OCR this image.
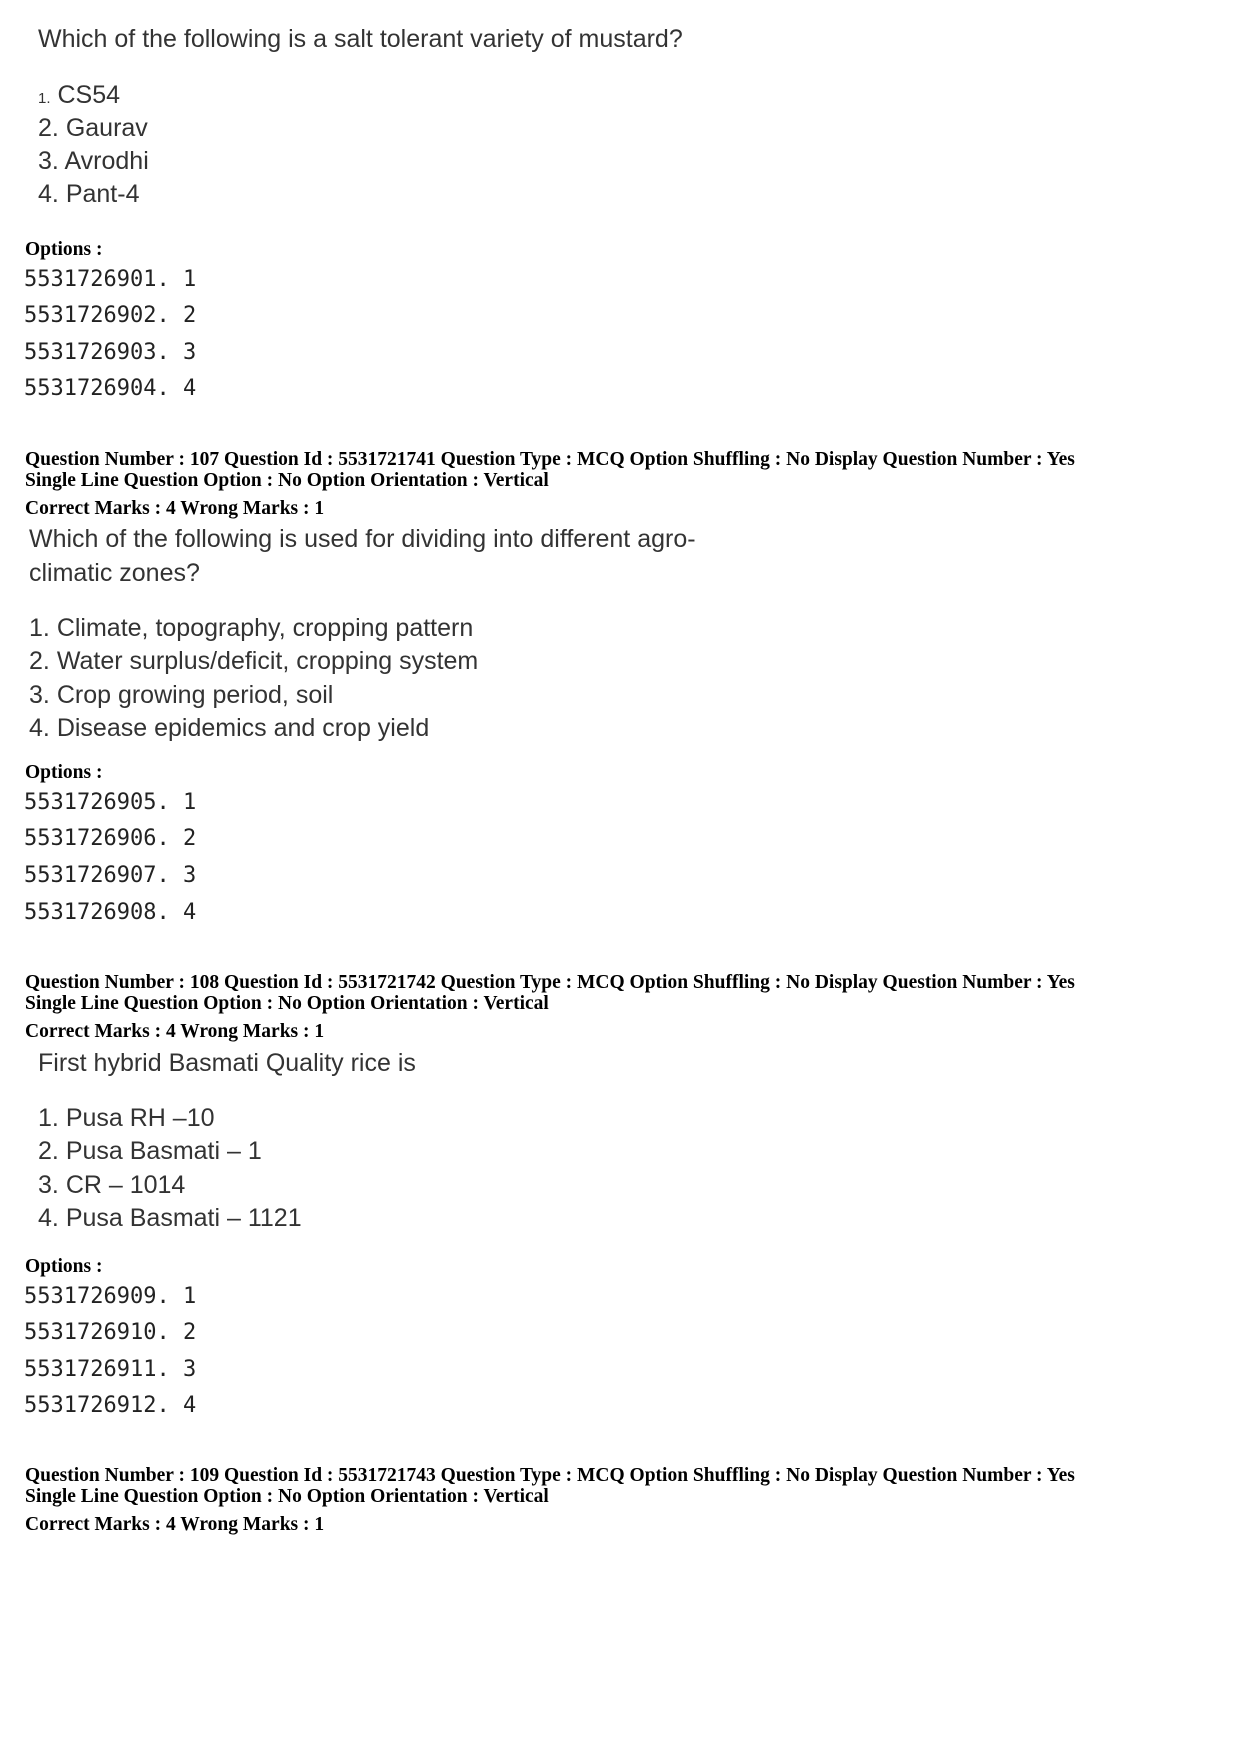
Which of the following is a salt tolerant variety of mustard?
1. CS54
2. Gaurav
3. Avrodhi
4. Pant-4
Options :
5531726901. 1
5531726902. 2
5531726903. 3
5531726904. 4
Question Number : 107 Question Id : 5531721741 Question Type : MCQ Option Shuffling : No Display Question Number : Yes
Single Line Question Option : No Option Orientation : Vertical
Correct Marks : 4 Wrong Marks : 1
Which of the following is used for dividing into different agro-
climatic zones?
1. Climate, topography, cropping pattern
2. Water surplus/deficit, cropping system
3. Crop growing period, soil
4. Disease epidemics and crop yield
Options :
5531726905. 1
5531726906. 2
5531726907. 3
5531726908. 4
Question Number : 108 Question Id : 5531721742 Question Type : MCQ Option Shuffling : No Display Question Number : Yes
Single Line Question Option : No Option Orientation : Vertical
Correct Marks : 4 Wrong Marks : 1
First hybrid Basmati Quality rice is
1. Pusa RH –10
2. Pusa Basmati – 1
3. CR – 1014
4. Pusa Basmati – 1121
Options :
5531726909. 1
5531726910. 2
5531726911. 3
5531726912. 4
Question Number : 109 Question Id : 5531721743 Question Type : MCQ Option Shuffling : No Display Question Number : Yes
Single Line Question Option : No Option Orientation : Vertical
Correct Marks : 4 Wrong Marks : 1
